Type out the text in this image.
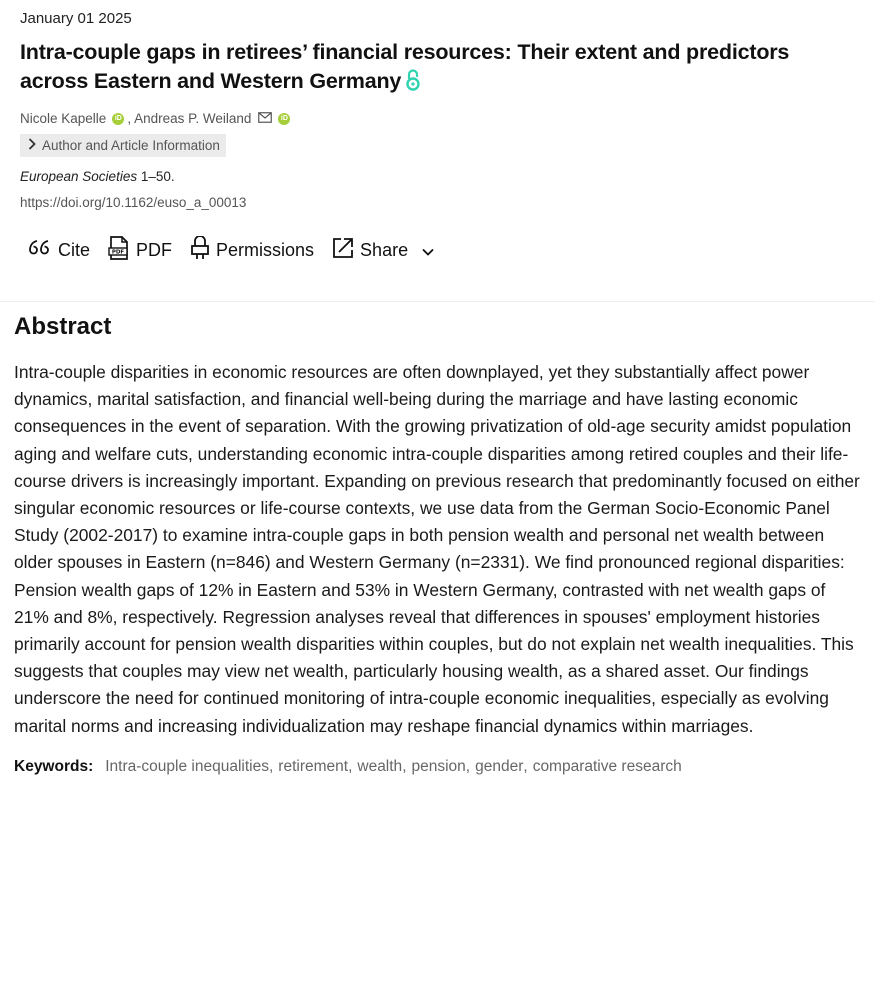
January 01 2025
Intra-couple gaps in retirees’ financial resources: Their extent and predictors across Eastern and Western Germany
Nicole Kapelle	iD , Andreas P. Weiland	iD
Author and Article Information
European Societies 1–50.
https://doi.org/10.1162/euso_a_00013
Cite	PDF PDF Permissions	Share
Abstract

Intra-couple disparities in economic resources are often downplayed, yet they substantially affect power dynamics, marital satisfaction, and financial well-being during the marriage and have lasting economic consequences in the event of separation. With the growing privatization of old-age security amidst population aging and welfare cuts, understanding economic intra-couple disparities among retired couples and their life-course drivers is increasingly important. Expanding on previous research that predominantly focused on either singular economic resources or life-course contexts, we use data from the German Socio-Economic Panel Study (2002-2017) to examine intra-couple gaps in both pension wealth and personal net wealth between older spouses in Eastern (n=846) and Western Germany (n=2331). We find pronounced regional disparities: Pension wealth gaps of 12% in Eastern and 53% in Western Germany, contrasted with net wealth gaps of 21% and 8%, respectively. Regression analyses reveal that differences in spouses' employment histories primarily account for pension wealth disparities within couples, but do not explain net wealth inequalities. This suggests that couples may view net wealth, particularly housing wealth, as a shared asset. Our findings underscore the need for continued monitoring of intra-couple economic inequalities, especially as evolving marital norms and increasing individualization may reshape financial dynamics within marriages.

Keywords: Intra-couple inequalities , retirement , wealth , pension , gender , comparative research
